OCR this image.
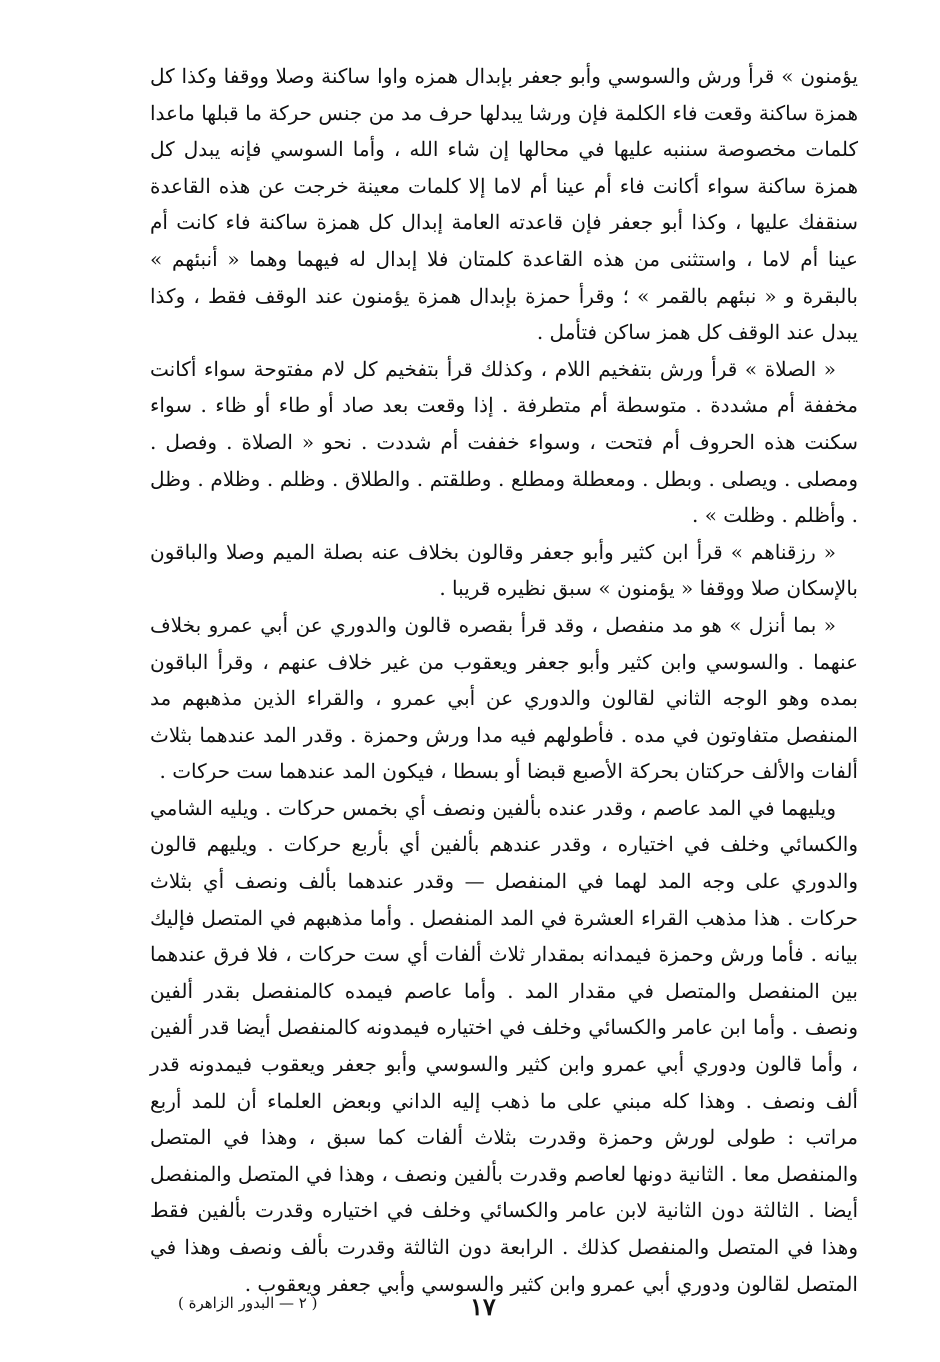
يؤمنون » قرأ ورش والسوسي وأبو جعفر بإبدال همزه واوا ساكنة وصلا ووقفا وكذا كل همزة ساكنة وقعت فاء الكلمة فإن ورشا يبدلها حرف مد من جنس حركة ما قبلها ماعدا كلمات مخصوصة سننبه عليها في محالها إن شاء الله ، وأما السوسي فإنه يبدل كل همزة ساكنة سواء أكانت فاء أم عينا أم لاما إلا كلمات معينة خرجت عن هذه القاعدة سنقفك عليها ، وكذا أبو جعفر فإن قاعدته العامة إبدال كل همزة ساكنة فاء كانت أم عينا أم لاما ، واستثنى من هذه القاعدة كلمتان فلا إبدال له فيهما وهما « أنبئهم » بالبقرة و « نبئهم بالقمر » ؛ وقرأ حمزة بإبدال همزة يؤمنون عند الوقف فقط ، وكذا يبدل عند الوقف كل همز ساكن فتأمل .

« الصلاة » قرأ ورش بتفخيم اللام ، وكذلك قرأ بتفخيم كل لام مفتوحة سواء أكانت مخففة أم مشددة . متوسطة أم متطرفة . إذا وقعت بعد صاد أو طاء أو ظاء . سواء سكنت هذه الحروف أم فتحت ، وسواء خففت أم شددت . نحو « الصلاة . وفصل . ومصلى . ويصلى . وبطل . ومعطلة ومطلع . وطلقتم . والطلاق . وظلم . وظلام . وظل . وأظلم . وظلت » .

« رزقناهم » قرأ ابن كثير وأبو جعفر وقالون بخلاف عنه بصلة الميم وصلا والباقون بالإسكان صلا ووقفا « يؤمنون » سبق نظيره قريبا .

« بما أنزل » هو مد منفصل ، وقد قرأ بقصره قالون والدوري عن أبي عمرو بخلاف عنهما . والسوسي وابن كثير وأبو جعفر ويعقوب من غير خلاف عنهم ، وقرأ الباقون بمده وهو الوجه الثاني لقالون والدوري عن أبي عمرو ، والقراء الذين مذهبهم مد المنفصل متفاوتون في مده . فأطولهم فيه مدا ورش وحمزة . وقدر المد عندهما بثلاث ألفات والألف حركتان بحركة الأصبع قبضا أو بسطا ، فيكون المد عندهما ست حركات .

ويليهما في المد عاصم ، وقدر عنده بألفين ونصف أي بخمس حركات . ويليه الشامي والكسائي وخلف في اختياره ، وقدر عندهم بألفين أي بأربع حركات . ويليهم قالون والدوري على وجه المد لهما في المنفصل — وقدر عندهما بألف ونصف أي بثلاث حركات . هذا مذهب القراء العشرة في المد المنفصل . وأما مذهبهم في المتصل فإليك بيانه . فأما ورش وحمزة فيمدانه بمقدار ثلاث ألفات أي ست حركات ، فلا فرق عندهما بين المنفصل والمتصل في مقدار المد . وأما عاصم فيمده كالمنفصل بقدر ألفين ونصف . وأما ابن عامر والكسائي وخلف في اختياره فيمدونه كالمنفصل أيضا قدر ألفين ، وأما قالون ودوري أبي عمرو وابن كثير والسوسي وأبو جعفر ويعقوب فيمدونه قدر ألف ونصف . وهذا كله مبني على ما ذهب إليه الداني وبعض العلماء أن للمد أربع مراتب : طولى لورش وحمزة وقدرت بثلاث ألفات كما سبق ، وهذا في المتصل والمنفصل معا . الثانية دونها لعاصم وقدرت بألفين ونصف ، وهذا في المتصل والمنفصل أيضا . الثالثة دون الثانية لابن عامر والكسائي وخلف في اختياره وقدرت بألفين فقط وهذا في المتصل والمنفصل كذلك . الرابعة دون الثالثة وقدرت بألف ونصف وهذا في المتصل لقالون ودوري أبي عمرو وابن كثير والسوسي وأبي جعفر ويعقوب .

( ٢ — البدور الزاهرة )	١٧
